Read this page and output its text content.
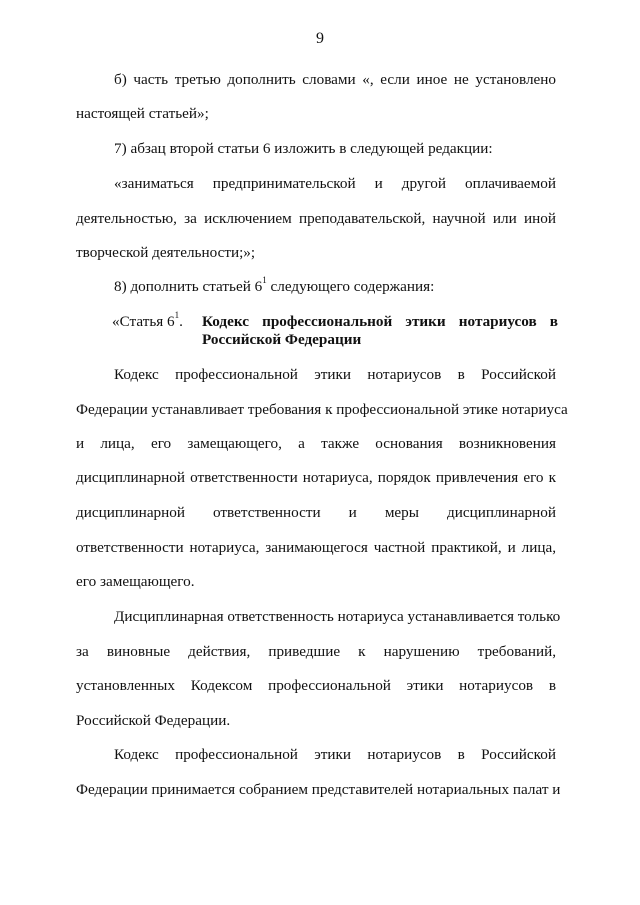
9
б) часть третью дополнить словами «, если иное не установлено
настоящей статьей»;
7) абзац второй статьи 6 изложить в следующей редакции:
«заниматься предпринимательской и другой оплачиваемой
деятельностью, за исключением преподавательской, научной или иной
творческой деятельности;»;
8) дополнить статьей $6^1$ следующего содержания:
«Статья $6^1$. Кодекс профессиональной этики нотариусов в
Российской Федерации
Кодекс профессиональной этики нотариусов в Российской
Федерации устанавливает требования к профессиональной этике нотариуса
и лица, его замещающего, а также основания возникновения
дисциплинарной ответственности нотариуса, порядок привлечения его к
дисциплинарной ответственности и меры дисциплинарной
ответственности нотариуса, занимающегося частной практикой, и лица,
его замещающего.
Дисциплинарная ответственность нотариуса устанавливается только
за виновные действия, приведшие к нарушению требований,
установленных Кодексом профессиональной этики нотариусов в
Российской Федерации.
Кодекс профессиональной этики нотариусов в Российской
Федерации принимается собранием представителей нотариальных палат и
